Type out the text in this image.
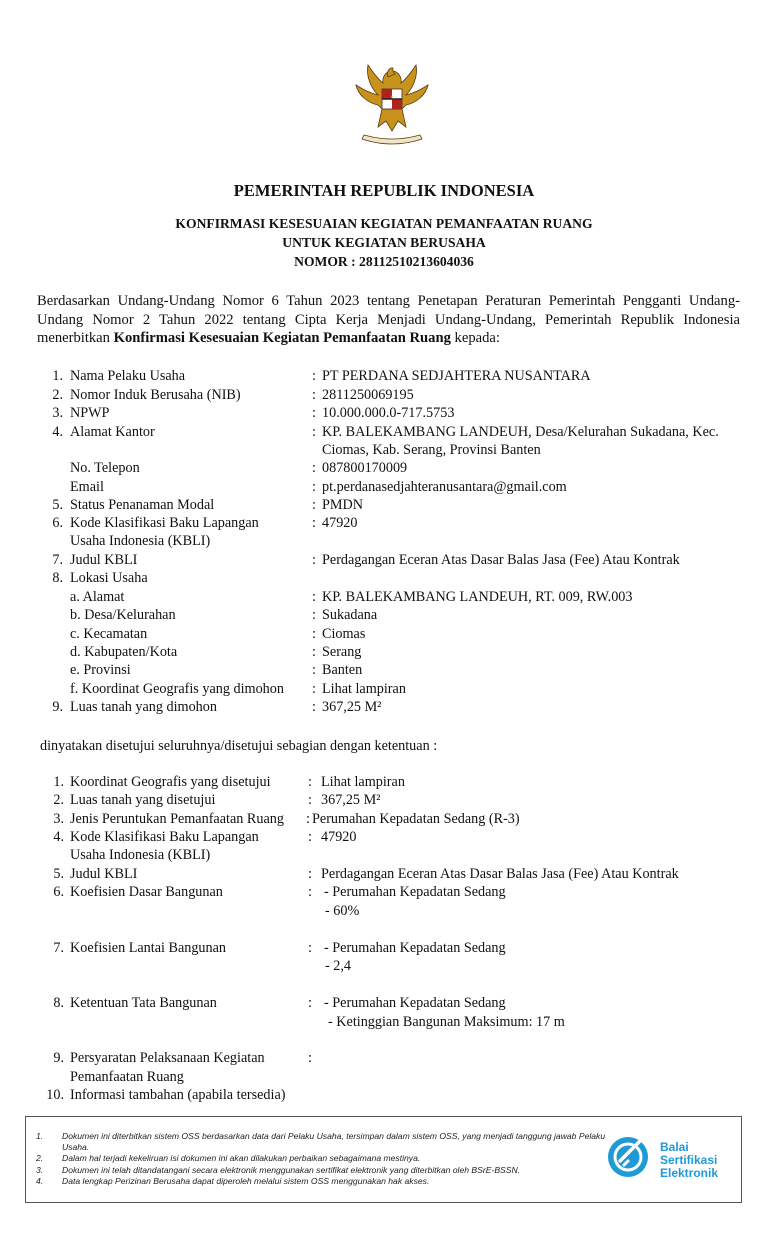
PEMERINTAH REPUBLIK INDONESIA
KONFIRMASI KESESUAIAN KEGIATAN PEMANFAATAN RUANG
UNTUK KEGIATAN BERUSAHA
NOMOR : 28112510213604036
Berdasarkan Undang-Undang Nomor 6 Tahun 2023 tentang Penetapan Peraturan Pemerintah Pengganti Undang-Undang Nomor 2 Tahun 2022 tentang Cipta Kerja Menjadi Undang-Undang, Pemerintah Republik Indonesia menerbitkan Konfirmasi Kesesuaian Kegiatan Pemanfaatan Ruang kepada:
1. Nama Pelaku Usaha	: PT PERDANA SEDJAHTERA NUSANTARA
2. Nomor Induk Berusaha (NIB)	: 2811250069195
3. NPWP	: 10.000.000.0-717.5753
4. Alamat Kantor	: KP. BALEKAMBANG LANDEUH, Desa/Kelurahan Sukadana, Kec.
Ciomas, Kab. Serang, Provinsi Banten
No. Telepon	: 087800170009
Email	: pt.perdanasedjahteranusantara@gmail.com
5. Status Penanaman Modal	: PMDN
6. Kode Klasifikasi Baku Lapangan	: 47920
Usaha Indonesia (KBLI)
7. Judul KBLI	: Perdagangan Eceran Atas Dasar Balas Jasa (Fee) Atau Kontrak
8. Lokasi Usaha
a. Alamat	: KP. BALEKAMBANG LANDEUH, RT. 009, RW.003
b. Desa/Kelurahan	: Sukadana
c. Kecamatan	: Ciomas
d. Kabupaten/Kota	: Serang
e. Provinsi	: Banten
f. Koordinat Geografis yang dimohon : Lihat lampiran
9. Luas tanah yang dimohon	: 367,25 M²
dinyatakan disetujui seluruhnya/disetujui sebagian dengan ketentuan :
1. Koordinat Geografis yang disetujui	: Lihat lampiran
2. Luas tanah yang disetujui	: 367,25 M²
3. Jenis Peruntukan Pemanfaatan Ruang : Perumahan Kepadatan Sedang (R-3)
4. Kode Klasifikasi Baku Lapangan	: 47920
Usaha Indonesia (KBLI)
5. Judul KBLI	: Perdagangan Eceran Atas Dasar Balas Jasa (Fee) Atau Kontrak
6. Koefisien Dasar Bangunan	: - Perumahan Kepadatan Sedang
- 60%
7. Koefisien Lantai Bangunan	: - Perumahan Kepadatan Sedang
- 2,4
8. Ketentuan Tata Bangunan	: - Perumahan Kepadatan Sedang
- Ketinggian Bangunan Maksimum: 17 m
9. Persyaratan Pelaksanaan Kegiatan	:
Pemanfaatan Ruang
10. Informasi tambahan (apabila tersedia)
1. Dokumen ini diterbitkan sistem OSS berdasarkan data dari Pelaku Usaha, tersimpan dalam sistem OSS, yang menjadi tanggung jawab Pelaku Usaha.
2. Dalam hal terjadi kekeliruan isi dokumen ini akan dilakukan perbaikan sebagaimana mestinya.
3. Dokumen ini telah ditandatangani secara elektronik menggunakan sertifikat elektronik yang diterbitkan oleh BSrE-BSSN.
4. Data lengkap Perizinan Berusaha dapat diperoleh melalui sistem OSS menggunakan hak akses.
Balai
Sertifikasi
Elektronik
